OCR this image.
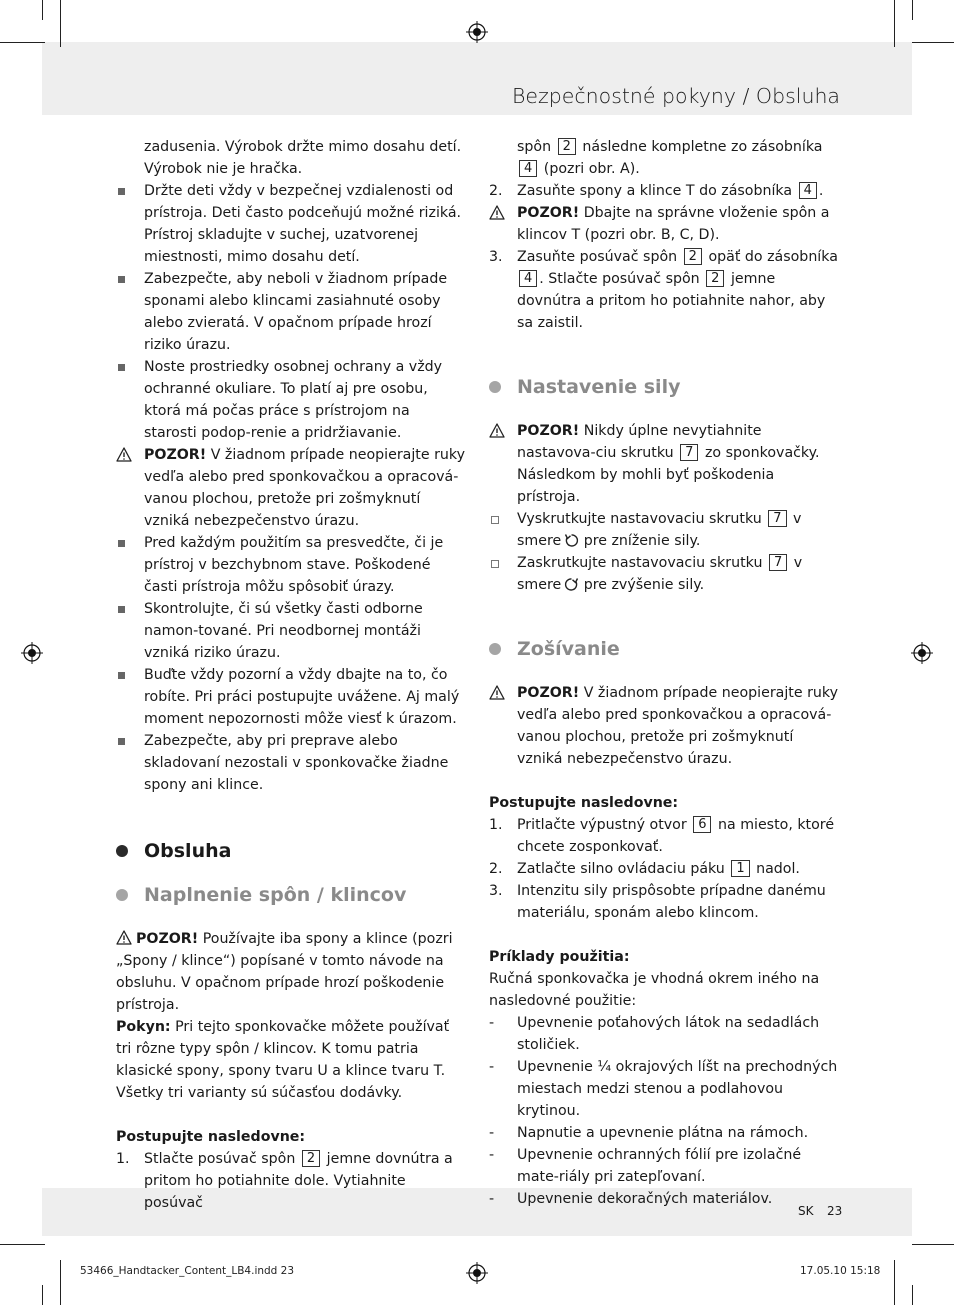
Bezpečnostné pokyny / Obsluha
SK 23
53466_Handtacker_Content_LB4.indd 23	17.05.10 15:18
zadusenia. Výrobok držte mimo dosahu detí. Výrobok nie je hračka.
Držte deti vždy v bezpečnej vzdialenosti od prístroja. Deti často podceňujú možné riziká. Prístroj skladujte v suchej, uzatvorenej miestnosti, mimo dosahu detí.
Zabezpečte, aby neboli v žiadnom prípade sponami alebo klincami zasiahnuté osoby alebo zvieratá. V opačnom prípade hrozí riziko úrazu.
Noste prostriedky osobnej ochrany a vždy ochranné okuliare. To platí aj pre osobu, ktorá má počas práce s prístrojom na starosti podop-renie a pridržiavanie.
POZOR! V žiadnom prípade neopierajte ruky vedľa alebo pred sponkovačkou a opracová-vanou plochou, pretože pri zošmyknutí vzniká nebezpečenstvo úrazu.
Pred každým použitím sa presvedčte, či je prístroj v bezchybnom stave. Poškodené časti prístroja môžu spôsobiť úrazy.
Skontrolujte, či sú všetky časti odborne namon-tované. Pri neodbornej montáži vzniká riziko úrazu.
Buďte vždy pozorní a vždy dbajte na to, čo robíte. Pri práci postupujte uvážene. Aj malý moment nepozornosti môže viesť k úrazom.
Zabezpečte, aby pri preprave alebo skladovaní nezostali v sponkovačke žiadne spony ani klince.
Obsluha
Naplnenie spôn / klincov

POZOR! Používajte iba spony a klince (pozri „Spony / klince“) popísané v tomto návode na obsluhu. V opačnom prípade hrozí poškodenie prístroja.

Pokyn: Pri tejto sponkovačke môžete používať tri rôzne typy spôn / klincov. K tomu patria klasické spony, spony tvaru U a klince tvaru T. Všetky tri varianty sú súčasťou dodávky.

Postupujte nasledovne:

1.	Stlačte posúvač spôn 2 jemne dovnútra a pritom ho potiahnite dole. Vytiahnite posúvač
spôn 2 následne kompletne zo zásobníka 4 (pozri obr. A).
2.	Zasuňte spony a klince T do zásobníka 4 .
POZOR! Dbajte na správne vloženie spôn a klincov T (pozri obr. B, C, D).
3.	Zasuňte posúvač spôn 2 opäť do zásobníka 4 . Stlačte posúvač spôn 2 jemne dovnútra a pritom ho potiahnite nahor, aby sa zaistil.
Nastavenie sily
POZOR! Nikdy úplne nevytiahnite nastavova-ciu skrutku 7 zo sponkovačky. Následkom by mohli byť poškodenia prístroja.
Vyskrutkujte nastavovaciu skrutku 7 v smere pre zníženie sily.
Zaskrutkujte nastavovaciu skrutku 7 v smere pre zvýšenie sily.
Zošívanie
POZOR! V žiadnom prípade neopierajte ruky vedľa alebo pred sponkovačkou a opracová-vanou plochou, pretože pri zošmyknutí vzniká nebezpečenstvo úrazu.

Postupujte nasledovne:

1.	Pritlačte výpustný otvor 6 na miesto, ktoré chcete zosponkovať.
2.	Zatlačte silno ovládaciu páku 1 nadol.
3.	Intenzitu sily prispôsobte prípadne danému materiálu, sponám alebo klincom.

Príklady použitia:

Ručná sponkovačka je vhodná okrem iného na nasledovné použitie:

-	Upevnenie poťahových látok na sedadlách stoličiek.
-	Upevnenie ¼ okrajových líšt na prechodných miestach medzi stenou a podlahovou krytinou.
-	Napnutie a upevnenie plátna na rámoch.
-	Upevnenie ochranných fólií pre izolačné mate-riály pri zatepľovaní.
-	Upevnenie dekoračných materiálov.
